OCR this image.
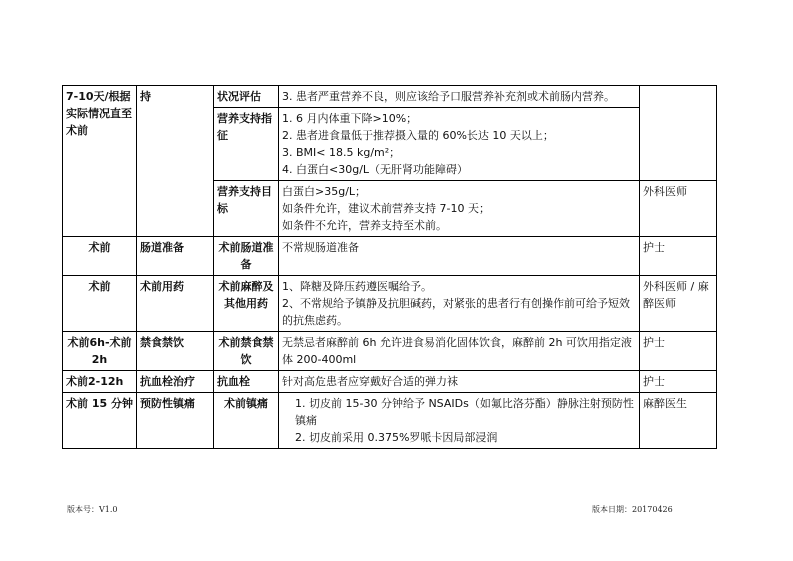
7-10天/根据实际情况直至术前	持	状况评估	3. 患者严重营养不良，则应该给予口服营养补充剂或术前肠内营养。	

		营养支持指征	1. 6 月内体重下降>10%；
2. 患者进食量低于推荐摄入量的 60%长达 10 天以上；
3. BMI< 18.5 kg/m²；
4. 白蛋白<30g/L（无肝肾功能障碍）	

		营养支持目标	白蛋白>35g/L；
如条件允许，建议术前营养支持 7-10 天；
如条件不允许，营养支持至术前。	外科医师
术前	肠道准备	术前肠道准备	不常规肠道准备	护士
术前	术前用药	术前麻醉及其他用药	1、降糖及降压药遵医嘱给予。
2、不常规给予镇静及抗胆碱药，对紧张的患者行有创操作前可给予短效的抗焦虑药。	外科医师 / 麻醉医师
术前6h-术前2h	禁食禁饮	术前禁食禁饮	无禁忌者麻醉前 6h 允许进食易消化固体饮食，麻醉前 2h 可饮用指定液体 200-400ml	护士
术前2-12h	抗血栓治疗	抗血栓	针对高危患者应穿戴好合适的弹力袜	护士
术前 15 分钟	预防性镇痛	术前镇痛	1. 切皮前 15-30 分钟给予 NSAIDs（如氟比洛芬酯）静脉注射预防性镇痛
2. 切皮前采用 0.375%罗哌卡因局部浸润	麻醉医生
版本号：V1.0	版本日期：20170426
